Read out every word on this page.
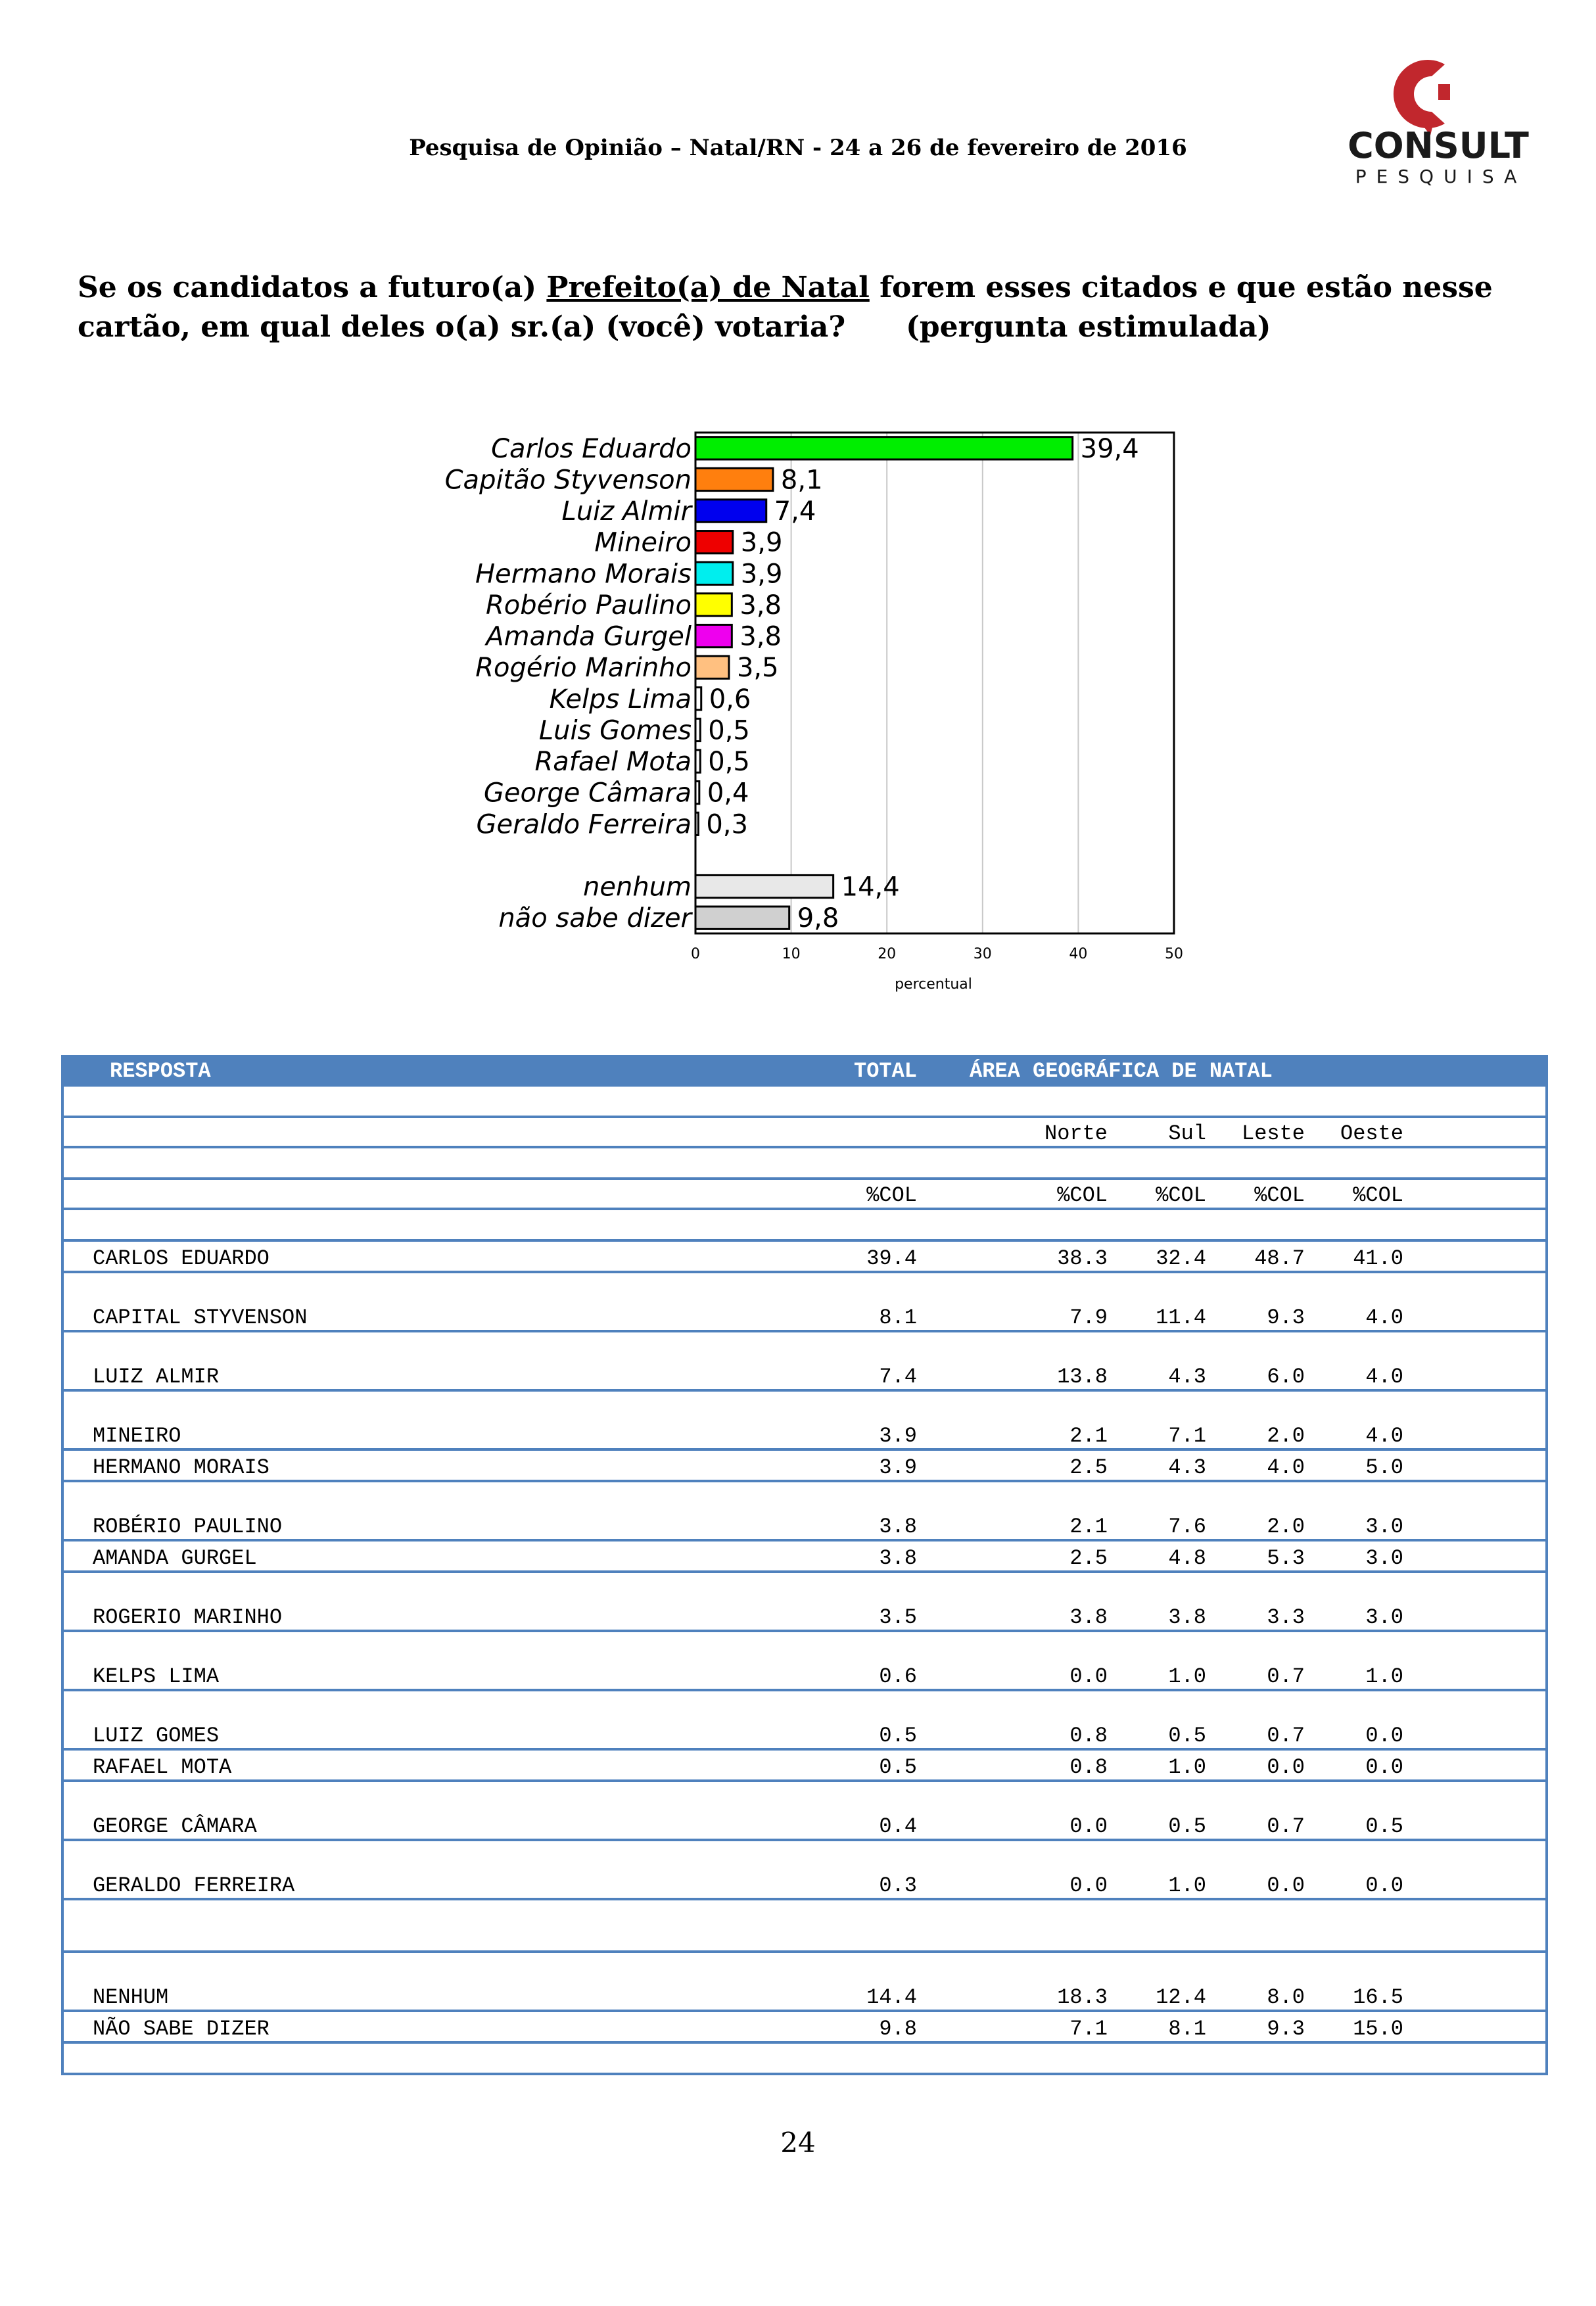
Pesquisa de Opinião – Natal/RN - 24 a 26 de fevereiro de 2016	CONSULT
PESQUISA
Se os candidatos a futuro(a) Prefeito(a) de Natal forem esses citados e que estão nesse cartão, em qual deles o(a) sr.(a) (você) votaria? (pergunta estimulada)
Carlos Eduardo	39,4
Capitão Styvenson	8,1
Luiz Almir	7,4
Mineiro 3,9
Hermano Morais 3,9
Robério Paulino 3,8
Amanda Gurgel 3,8
Rogério Marinho 3,5
Kelps Lima 0,6
Luis Gomes 0,5
Rafael Mota 0,5
George Câmara 0,4
Geraldo Ferreira 0,3
nenhum	14,4
não sabe dizer	9,8
0	10	20	30	40	50
percentual
RESPOSTA	TOTAL	ÁREA GEOGRÁFICA DE NATAL				

		Norte	Sul	Leste	Oeste	

	%COL	%COL	%COL	%COL	%COL	

CARLOS EDUARDO	39.4	38.3	32.4	48.7	41.0	
CAPITAL STYVENSON	8.1	7.9	11.4	9.3	4.0	
LUIZ ALMIR	7.4	13.8	4.3	6.0	4.0	
MINEIRO	3.9	2.1	7.1	2.0	4.0	
HERMANO MORAIS	3.9	2.5	4.3	4.0	5.0	
ROBÉRIO PAULINO	3.8	2.1	7.6	2.0	3.0	
AMANDA GURGEL	3.8	2.5	4.8	5.3	3.0	
ROGERIO MARINHO	3.5	3.8	3.8	3.3	3.0	
KELPS LIMA	0.6	0.0	1.0	0.7	1.0	
LUIZ GOMES	0.5	0.8	0.5	0.7	0.0	
RAFAEL MOTA	0.5	0.8	1.0	0.0	0.0	
GEORGE CÂMARA	0.4	0.0	0.5	0.7	0.5	
GERALDO FERREIRA	0.3	0.0	1.0	0.0	0.0	

NENHUM	14.4	18.3	12.4	8.0	16.5	
NÃO SABE DIZER	9.8	7.1	8.1	9.3	15.0	

24
